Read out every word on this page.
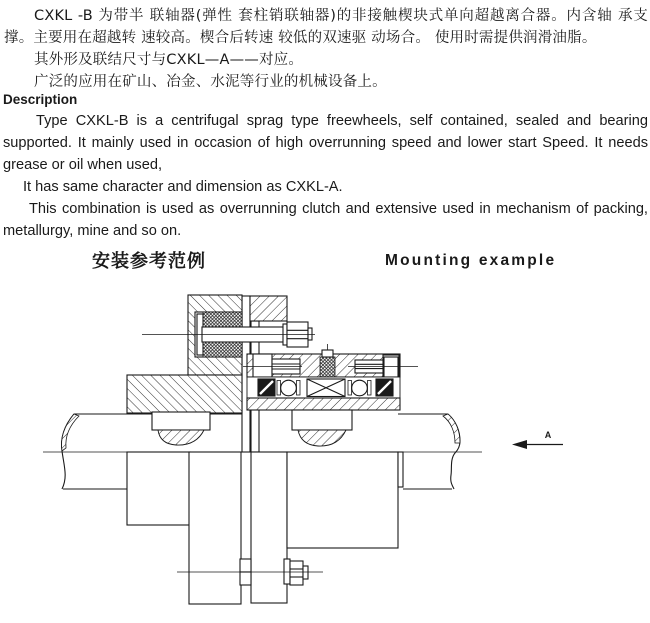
CXKL -B 为带半 联轴器(弹性 套柱销联轴器)的非接触楔块式单向超越离合器。内含轴 承支撑。主要用在超越转 速较高。楔合后转速 较低的双速驱 动场合。 使用时需提供润滑油脂。

其外形及联结尺寸与CXKL—A——对应。

广泛的应用在矿山、冶金、水泥等行业的机械设备上。

Description

Type CXKL-B is a centrifugal sprag type freewheels, self contained, sealed and bearing supported. It mainly used in occasion of high overrunning speed and lower start Speed. It needs grease or oil when used,

It has same character and dimension as CXKL-A.

This combination is used as overrunning clutch and extensive used in mechanism of packing, metallurgy, mine and so on.

安装参考范例	Mounting example
A
